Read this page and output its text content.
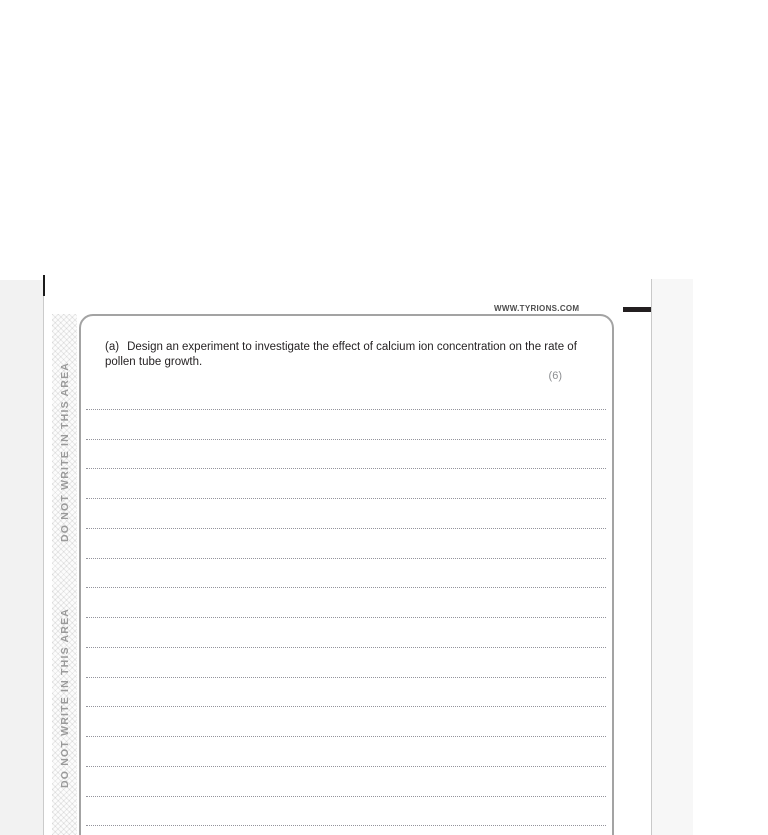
WWW.TYRIONS.COM
DO NOT WRITE IN THIS AREA
DO NOT WRITE IN THIS AREA
(a) Design an experiment to investigate the effect of calcium ion concentration on the rate of pollen tube growth.
(6)
